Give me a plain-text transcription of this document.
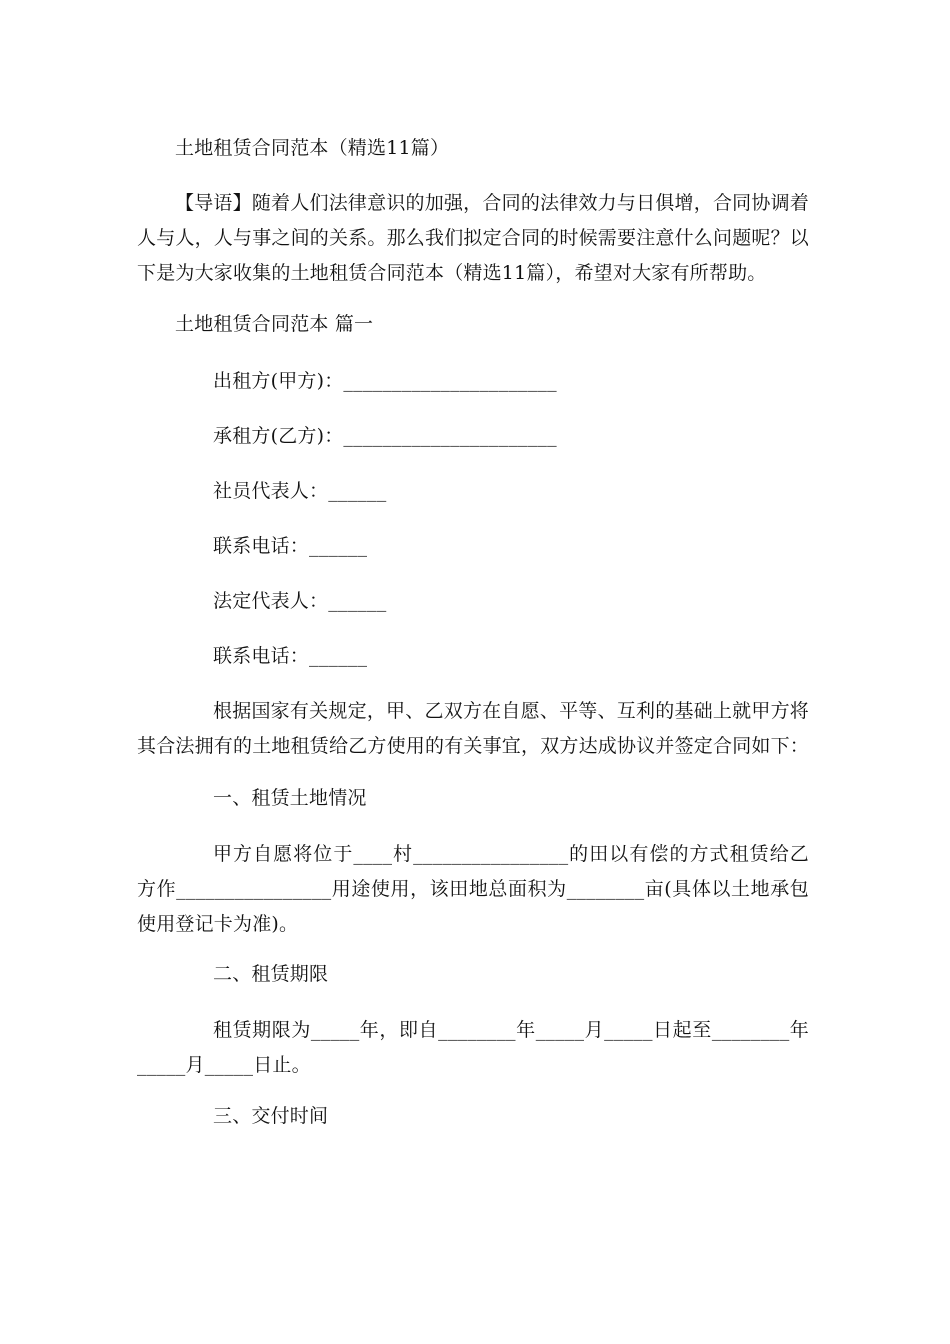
土地租赁合同范本（精选11篇）
【导语】随着人们法律意识的加强，合同的法律效力与日俱增，合同协调着人与人，人与事之间的关系。那么我们拟定合同的时候需要注意什么问题呢？以下是为大家收集的土地租赁合同范本（精选11篇），希望对大家有所帮助。
土地租赁合同范本 篇一
出租方(甲方)：______________________
承租方(乙方)：______________________
社员代表人：______
联系电话：______
法定代表人：______
联系电话：______
根据国家有关规定，甲、乙双方在自愿、平等、互利的基础上就甲方将其合法拥有的土地租赁给乙方使用的有关事宜，双方达成协议并签定合同如下：
一、租赁土地情况
甲方自愿将位于____村________________的田以有偿的方式租赁给乙方作________________用途使用，该田地总面积为________亩(具体以土地承包使用登记卡为准)。
二、租赁期限
租赁期限为_____年，即自________年_____月_____日起至________年_____月_____日止。
三、交付时间
